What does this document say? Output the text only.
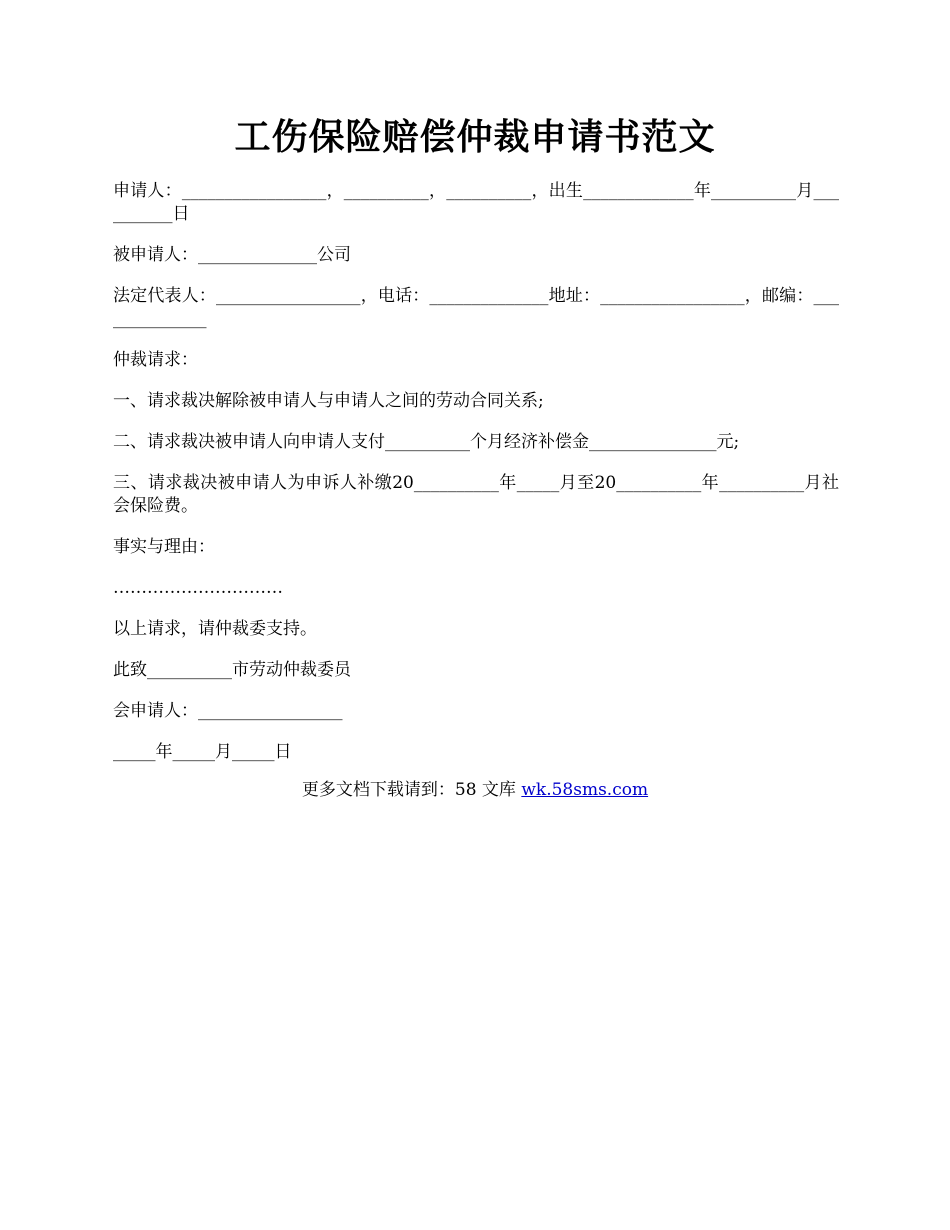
工伤保险赔偿仲裁申请书范文

申请人：_________________，__________，__________，出生_____________年__________月__________日

被申请人：______________公司

法定代表人：_________________，电话：______________地址：_________________，邮编：______________

仲裁请求：

一、请求裁决解除被申请人与申请人之间的劳动合同关系;

二、请求裁决被申请人向申请人支付__________个月经济补偿金_______________元;

三、请求裁决被申请人为申诉人补缴20__________年_____月至20__________年__________月社会保险费。

事实与理由：

…………………………

以上请求，请仲裁委支持。

此致__________市劳动仲裁委员

会申请人：_________________

_____年_____月_____日

更多文档下载请到：58 文库 wk.58sms.com
